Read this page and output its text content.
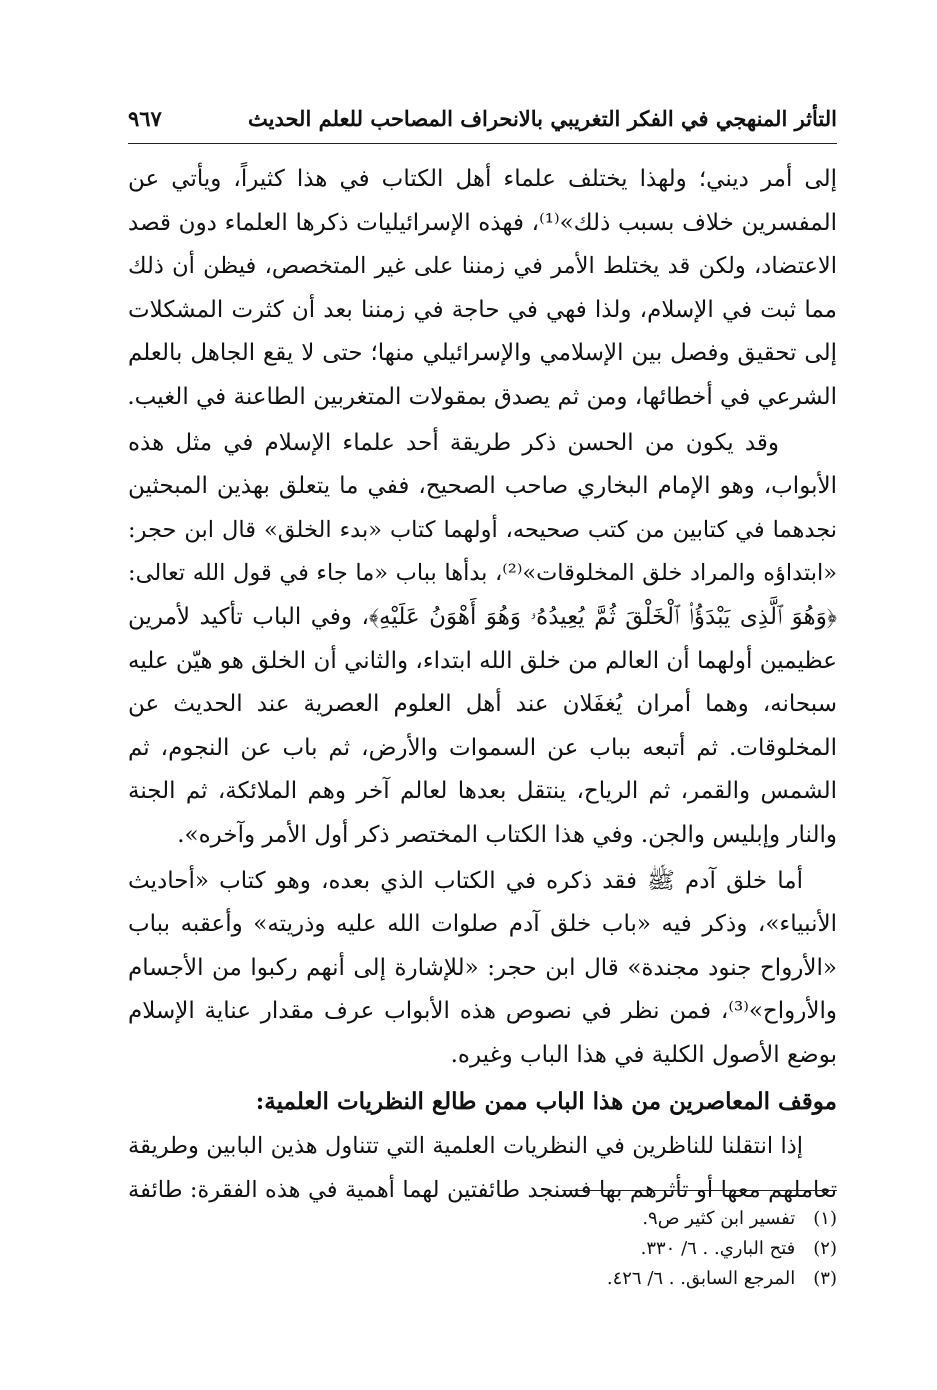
التأثر المنهجي في الفكر التغريبي بالانحراف المصاحب للعلم الحديث
٩٦٧

إلى أمر ديني؛ ولهذا يختلف علماء أهل الكتاب في هذا كثيراً، ويأتي عن

المفسرين خلاف بسبب ذلك»⁽¹⁾، فهذه الإسرائيليات ذكرها العلماء دون قصد

الاعتضاد، ولكن قد يختلط الأمر في زمننا على غير المتخصص، فيظن أن ذلك

مما ثبت في الإسلام، ولذا فهي في حاجة في زمننا بعد أن كثرت المشكلات

إلى تحقيق وفصل بين الإسلامي والإسرائيلي منها؛ حتى لا يقع الجاهل بالعلم

الشرعي في أخطائها، ومن ثم يصدق بمقولات المتغربين الطاعنة في الغيب.

وقد يكون من الحسن ذكر طريقة أحد علماء الإسلام في مثل هذه

الأبواب، وهو الإمام البخاري صاحب الصحيح، ففي ما يتعلق بهذين المبحثين

نجدهما في كتابين من كتب صحيحه، أولهما كتاب «بدء الخلق» قال ابن حجر:

«ابتداؤه والمراد خلق المخلوقات»⁽²⁾، بدأها بباب «ما جاء في قول الله تعالى:

﴿وَهُوَ ٱلَّذِى يَبْدَؤُا۟ ٱلْخَلْقَ ثُمَّ يُعِيدُهُۥ وَهُوَ أَهْوَنُ عَلَيْهِ﴾، وفي الباب تأكيد لأمرين

عظيمين أولهما أن العالم من خلق الله ابتداء، والثاني أن الخلق هو هيّن عليه

سبحانه، وهما أمران يُغفَلان عند أهل العلوم العصرية عند الحديث عن

المخلوقات. ثم أتبعه بباب عن السموات والأرض، ثم باب عن النجوم، ثم

الشمس والقمر، ثم الرياح، ينتقل بعدها لعالم آخر وهم الملائكة، ثم الجنة

والنار وإبليس والجن. وفي هذا الكتاب المختصر ذكر أول الأمر وآخره».

أما خلق آدم ﷺ فقد ذكره في الكتاب الذي بعده، وهو كتاب «أحاديث

الأنبياء»، وذكر فيه «باب خلق آدم صلوات الله عليه وذريته» وأعقبه بباب

«الأرواح جنود مجندة» قال ابن حجر: «للإشارة إلى أنهم ركبوا من الأجسام

والأرواح»⁽³⁾، فمن نظر في نصوص هذه الأبواب عرف مقدار عناية الإسلام

بوضع الأصول الكلية في هذا الباب وغيره.

موقف المعاصرين من هذا الباب ممن طالع النظريات العلمية:

إذا انتقلنا للناظرين في النظريات العلمية التي تتناول هذين البابين وطريقة

تعاملهم معها أو تأثرهم بها فسنجد طائفتين لهما أهمية في هذه الفقرة: طائفة

(١) تفسير ابن كثير ص٩.

(٢) فتح الباري. . ٦/ ٣٣٠.

(٣) المرجع السابق. . ٦/ ٤٢٦.
